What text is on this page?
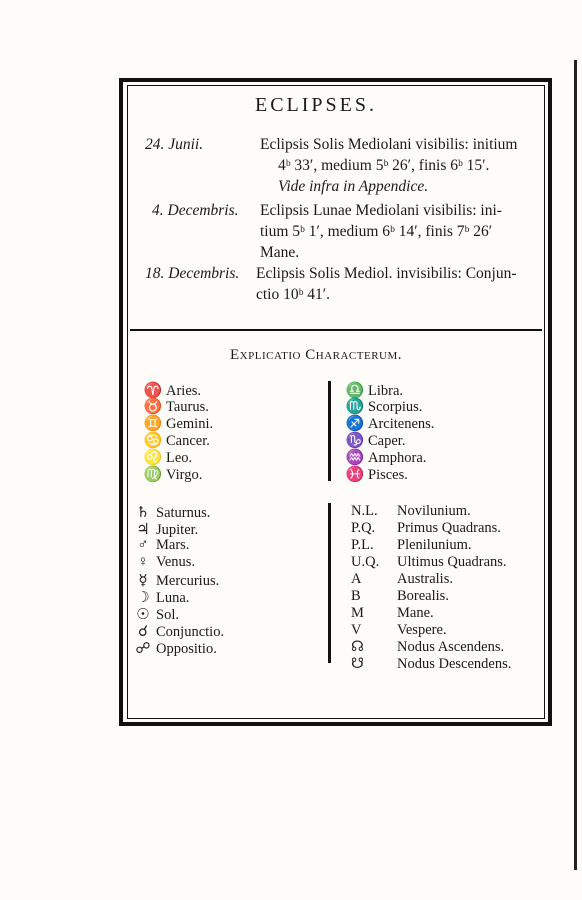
ECLIPSES.
24. Junii.	Eclipsis Solis Mediolani visibilis: initium
4ᵇ 33′, medium 5ᵇ 26′, finis 6ᵇ 15′.
Vide infra in Appendice.
4. Decembris. Eclipsis Lunae Mediolani visibilis: ini-
tium 5ᵇ 1′, medium 6ᵇ 14′, finis 7ᵇ 26′
Mane.
18. Decembris. Eclipsis Solis Mediol. invisibilis: Conjun-
ctio 10ᵇ 41′.
Explicatio Characterum.
♈ Aries.
♉ Taurus.
♊ Gemini.
♋ Cancer.
♌ Leo.
♍ Virgo.
♎ Libra.
♏ Scorpius.
♐ Arcitenens.
♑ Caper.
♒ Amphora.
♓ Pisces.
♄ Saturnus.
♃ Jupiter.
♂ Mars.
♀ Venus.
☿ Mercurius.
☽ Luna.
☉ Sol.
☌ Conjunctio.
☍ Oppositio.
N.L. Novilunium.
P.Q. Primus Quadrans.
P.L. Plenilunium.
U.Q. Ultimus Quadrans.
A Australis.
B	Borealis.
M Mane.
V Vespere.
☊ Nodus Ascendens.
☋ Nodus Descendens.
